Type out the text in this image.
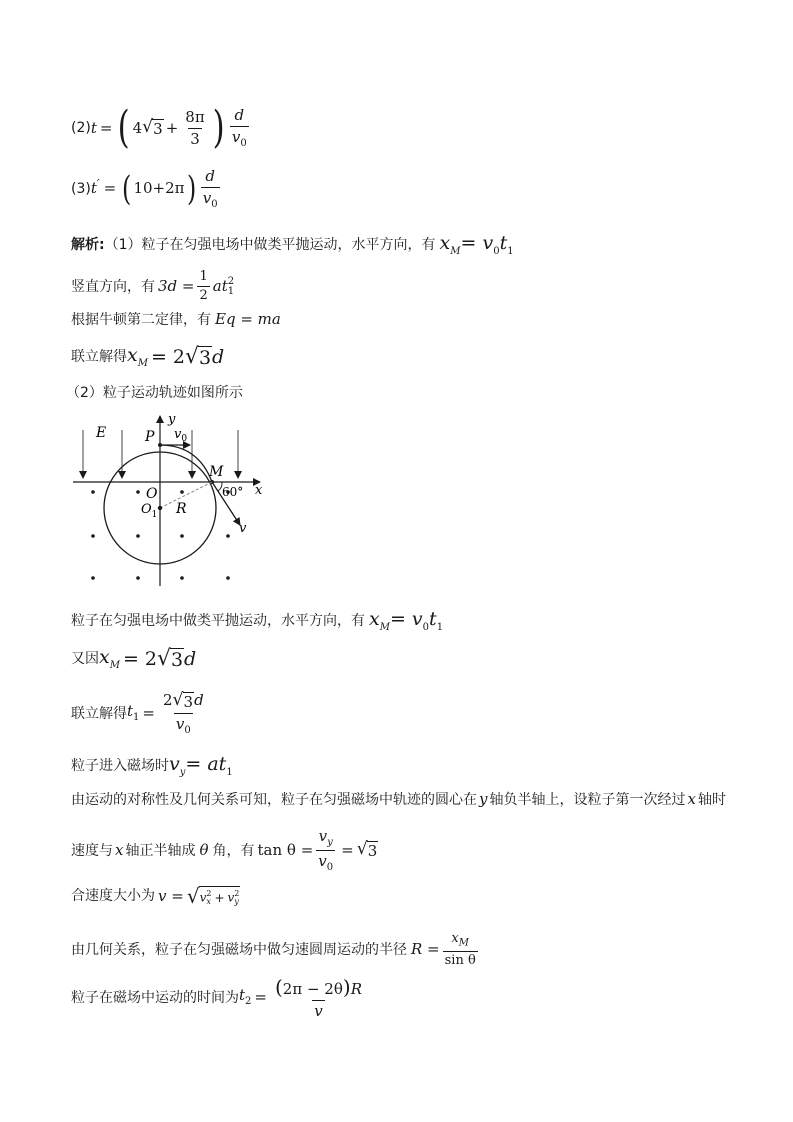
(2) t = ( 4 √ $3 + \frac{8\pi}{3}$ ) $\frac{d}{v_0}$
(3) t ′ = ( 10+2π ) $\frac{d}{v_0}$
解析: （1）粒子在匀强电场中做类平抛运动，水平方向，有 $x_M= v_0t_1$
竖直方向，有 $3d = \frac{1}{2}$ at 2
1
根据牛顿第二定律，有 Eq = ma
联立解得 $x_M = 2$ √ 3 d
（2）粒子运动轨迹如图所示
E
y
P $v_0$
M
60° x
O
$O_1$ R
v
粒子在匀强电场中做类平抛运动，水平方向，有 $x_M= v_0t_1$
又因 $x_M = 2$ √ 3 d
联立解得 $t_1 = \frac{2 √ 3 d}{v_0}$
粒子进入磁场时 $v_y= at_1$
由运动的对称性及几何关系可知，粒子在匀强磁场中轨迹的圆心在 y 轴负半轴上，设粒子第一次经过 x 轴时
速度与 x 轴正半轴成 θ 角，有 $\tan \theta = \frac{v_y}{v_0}$ = √ 3
合速度大小为 v = √ v 2
x + v 2
y
由几何关系，粒子在匀强磁场中做匀速圆周运动的半径 $R = \frac{x_M}{\text{sin θ}}$
粒子在磁场中运动的时间为 $t_2 = \frac{(2\pi - 2\theta)R}{v}$
